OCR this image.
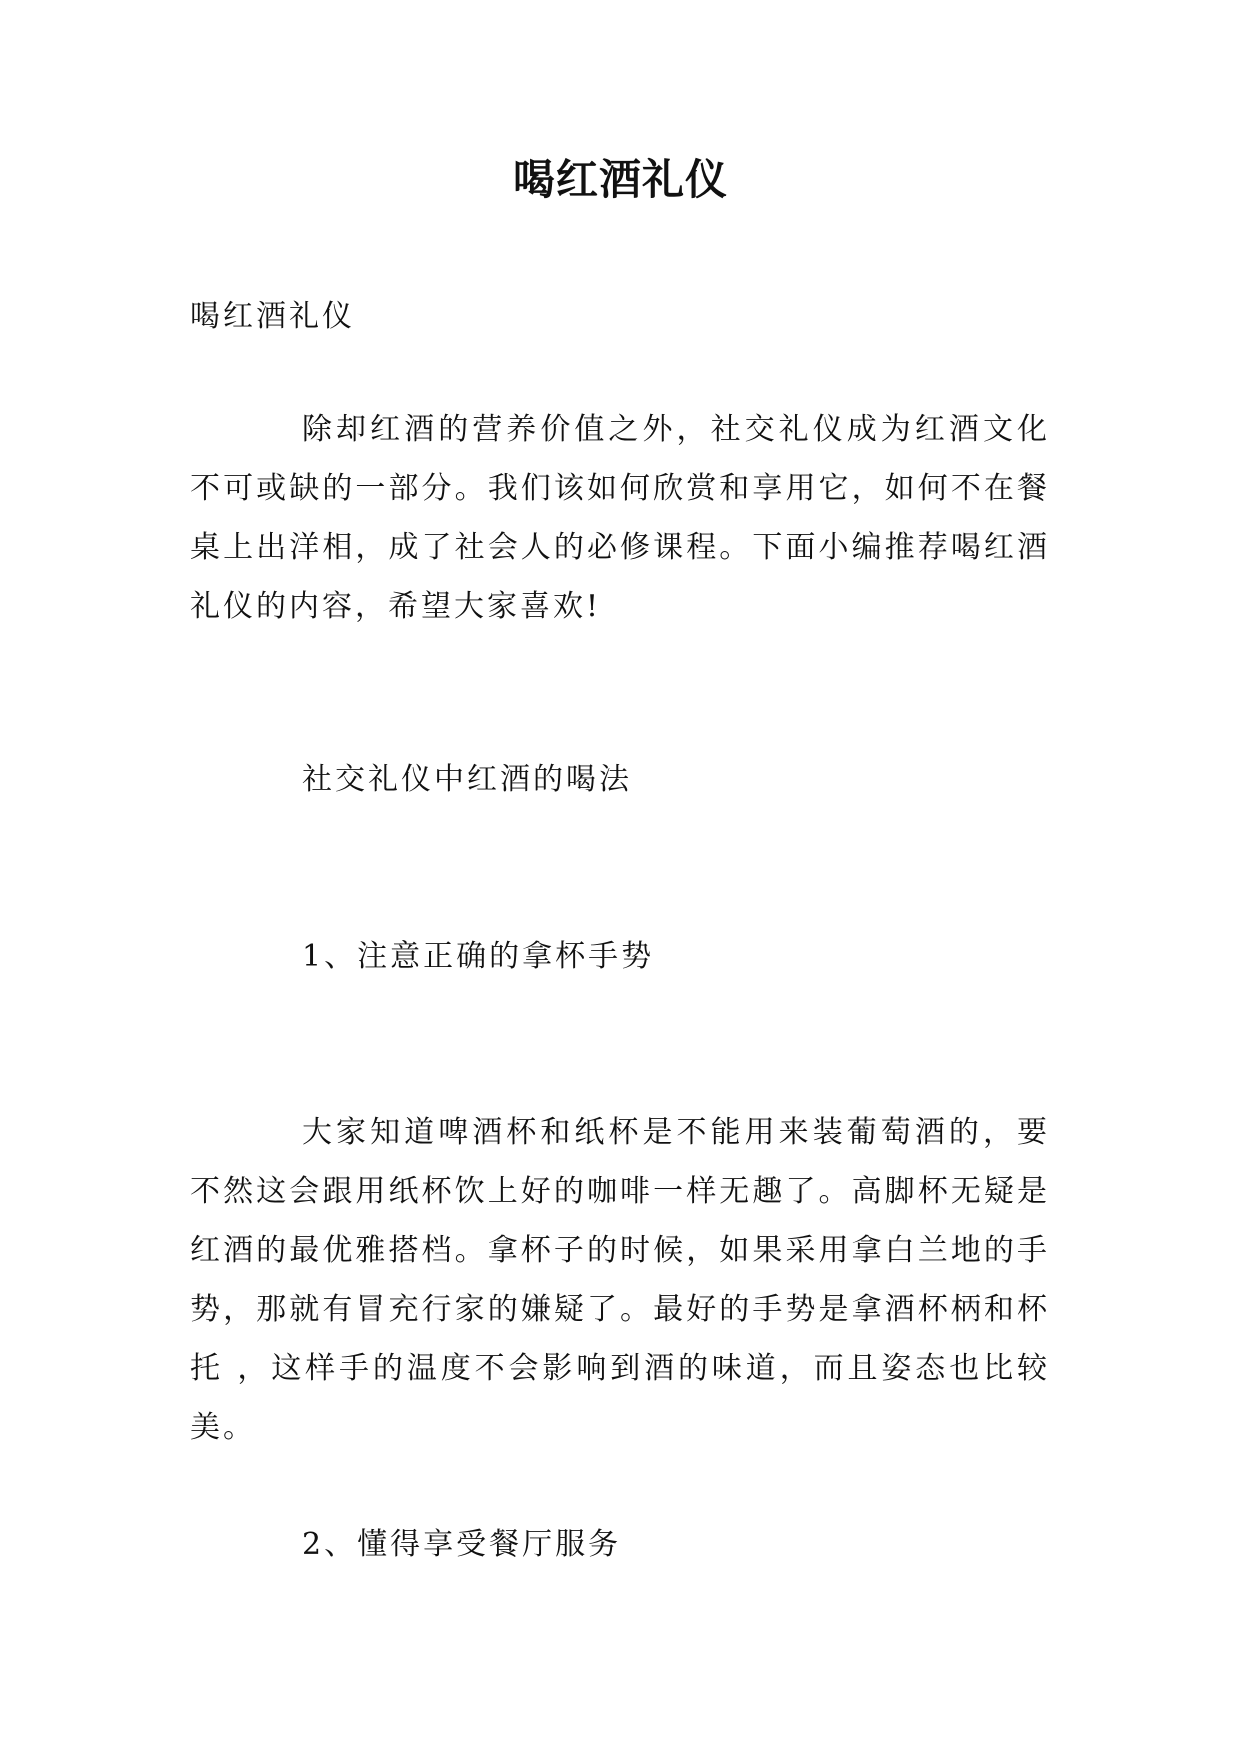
喝红酒礼仪
喝红酒礼仪
除却红酒的营养价值之外，社交礼仪成为红酒文化不可或缺的一部分。我们该如何欣赏和享用它，如何不在餐桌上出洋相，成了社会人的必修课程。下面小编推荐喝红酒礼仪的内容，希望大家喜欢!
社交礼仪中红酒的喝法
1、注意正确的拿杯手势
大家知道啤酒杯和纸杯是不能用来装葡萄酒的，要不然这会跟用纸杯饮上好的咖啡一样无趣了。高脚杯无疑是红酒的最优雅搭档。拿杯子的时候，如果采用拿白兰地的手势，那就有冒充行家的嫌疑了。最好的手势是拿酒杯柄和杯托 ，这样手的温度不会影响到酒的味道，而且姿态也比较美。
2、懂得享受餐厅服务
